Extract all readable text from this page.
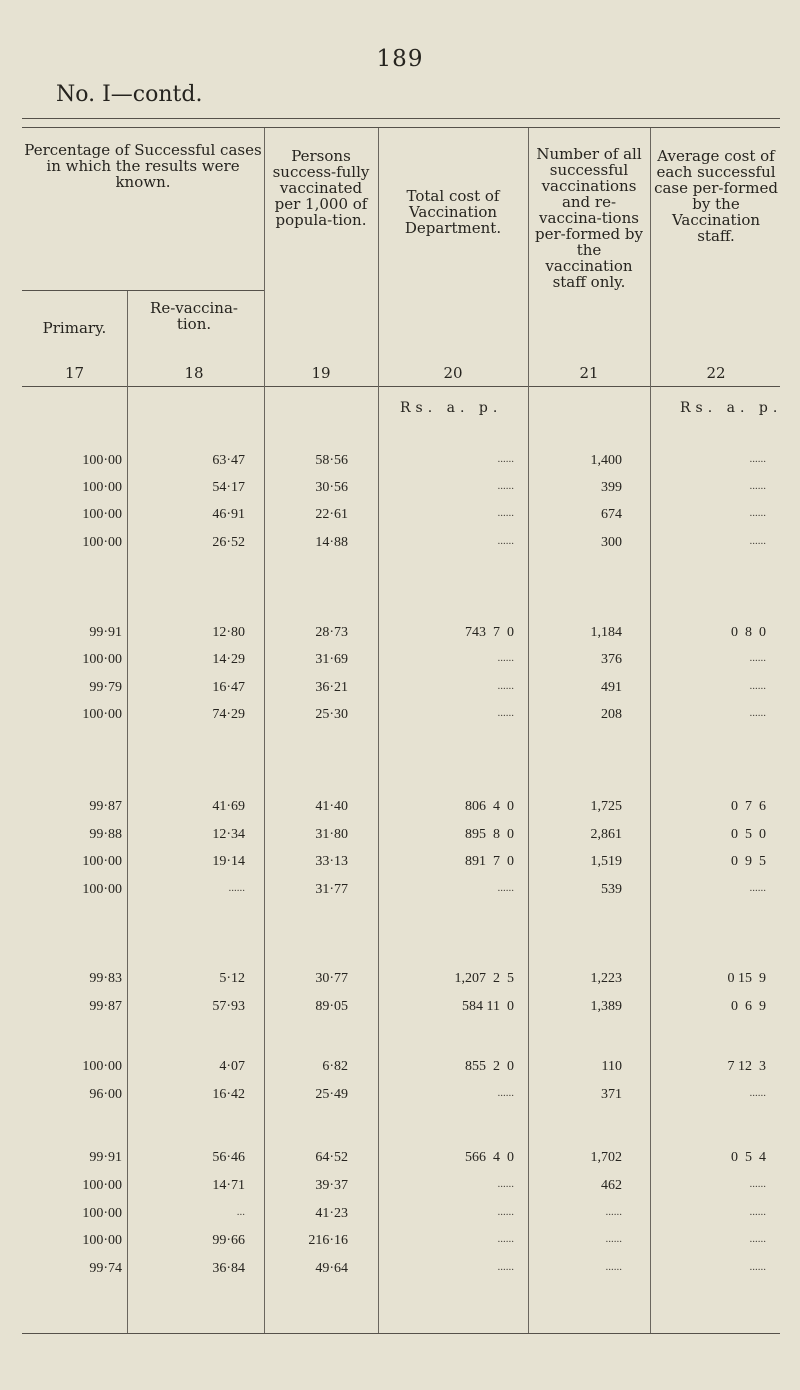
189
No. I—contd.
Percentage of Successful cases in which the results were known.
Primary.
Re-vaccina-tion.
Persons success-fully vaccinated per 1,000 of popula-tion.
Total cost of Vaccination Department.
Number of all successful vaccinations and re-vaccina-tions per-formed by the vaccination staff only.
Average cost of each successful case per-formed by the Vaccination staff.
17	18	19	20	21	22
Rs. a. p.	Rs. a. p.
100·00	63·47	58·56	......	1,400	......
100·00	54·17	30·56	......	399	......
100·00	46·91	22·61	......	674	......
100·00	26·52	14·88	......	300	......
99·91	12·80	28·73	743  7  0	1,184	0  8  0
100·00	14·29	31·69	......	376	......
99·79	16·47	36·21	......	491	......
100·00	74·29	25·30	......	208	......
99·87	41·69	41·40	806  4  0	1,725	0  7  6
99·88	12·34	31·80	895  8  0	2,861	0  5  0
100·00	19·14	33·13	891  7  0	1,519	0  9  5
100·00	......	31·77	......	539	......
99·83	5·12	30·77	1,207  2  5	1,223	0 15  9
99·87	57·93	89·05	584 11  0	1,389	0  6  9
100·00	4·07	6·82	855  2  0	110	7 12  3
96·00	16·42	25·49	......	371	......
99·91	56·46	64·52	566  4  0	1,702	0  5  4
100·00	14·71	39·37	......	462	......
100·00	...	41·23	......	......	......
100·00	99·66	216·16	......	......	......
99·74	36·84	49·64	......	......	......
